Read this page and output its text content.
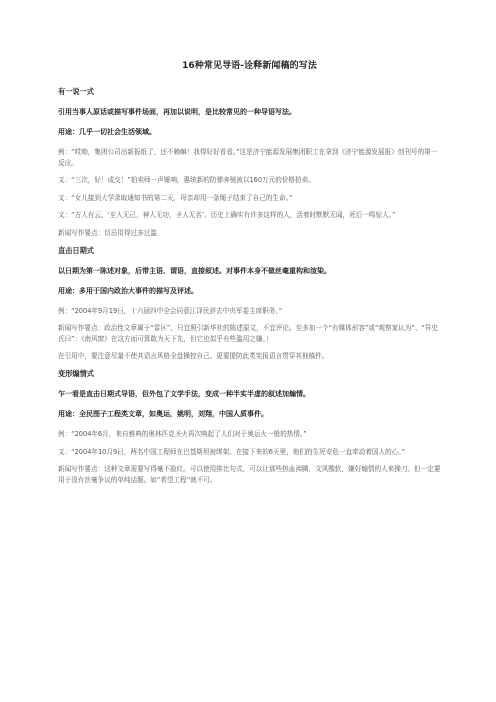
16种常见导语-诠释新闻稿的写法
有一说一式
引用当事人原话或描写事件场面，再加以说明，是比较常见的一种导语写法。
用途：几乎一切社会生活领域。

例：“哎呦，集团公司出新报纸了，还不赖嘛！我得好好看看。”这是济宁能源发展集团职工在拿到《济宁能源发展报》创刊号的第一反应。

又：“三次，好！成交！”拍卖师一声锤响，惠统新的防弹奔驰被以160万元的价格拍卖。

又：“女儿接到大学录取通知书的第二天，母亲却用一条绳子结束了自己的生命。”

又：“古人有云，‘至人无己，神人无功，圣人无名’。历史上确实有许多这样的人，活着时默默无闻，死后一鸣惊人。”

新闻写作要点：切忌用得过多过滥

直击日期式
以日期为第一陈述对象，后带主语、谓语，直接叙述。对事件本身不做丝毫重构和渲染。
用途：多用于国内政治大事件的描写及评述。

例：“2004年9月19日，十六届四中全会同意江泽民辞去中央军委主席职务。”

新闻写作要点：政治性文章属于“雷区”，只宜照引新华社的陈述原文，不宜评论。至多加一个“有媒体形容”或“观察家认为”、“异史氏曰”：《南风窗》在这方面可算敢为天下先，但它也似乎有些滥用之嫌。）

在引用中，要注意尽量不使其语言风格全盘操控自己。更要提防此类宪报语言贯穿其他稿件。

变形煽情式
乍一看是直击日期式导语，但外包了文学手法，变成一种半实半虚的叙述加煽情。
用途：全民图子工程类文章，如奥运，姚明，刘翔，中国人质事件。

例：“2004年6月，来自雅典的奥林匹克圣火再次唤起了人们对于奥运火一般的热情。”

又：“2004年10月9日，两名中国工程师在巴基斯坦被绑架。在接下来的6天里，他们的生死安危一直牵动着国人的心。”

新闻写作要点：这种文章需要写得毫不脸红。可以使用排比句式，可以让那些热血沸腾，文风酸软，嫌好煽情的人来操刀。但一定要用于没有丝毫争议的单纯话题。如“希望工程”就不可。
